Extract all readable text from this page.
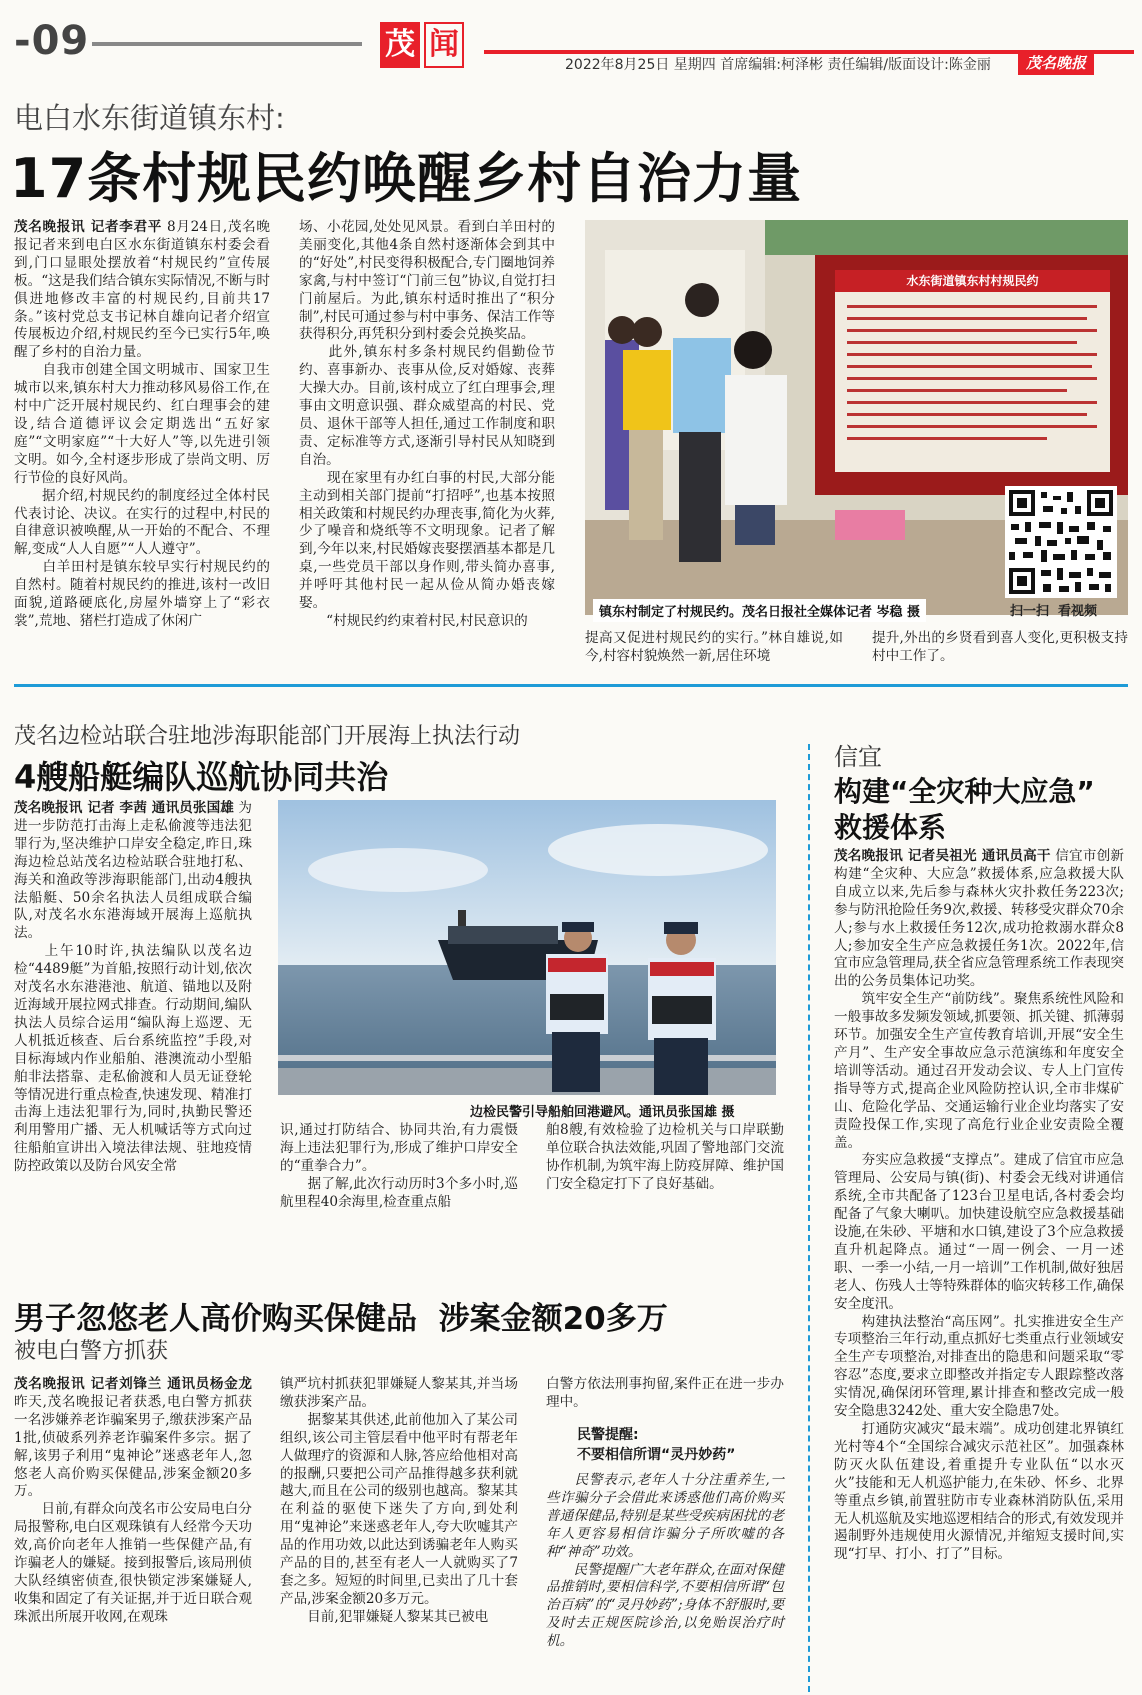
-09	茂 闻
2022年8月25日 星期四 首席编辑:柯泽彬 责任编辑/版面设计:陈金丽	茂名晚报
电白水东街道镇东村:
17条村规民约唤醒乡村自治力量
茂名晚报讯 记者李君平 8月24日,茂名晚报记者来到电白区水东街道镇东村委会看到,门口显眼处摆放着“村规民约”宣传展板。“这是我们结合镇东实际情况,不断与时俱进地修改丰富的村规民约,目前共17条。”该村党总支书记林自雄向记者介绍宣传展板边介绍,村规民约至今已实行5年,唤醒了乡村的自治力量。
　　自我市创建全国文明城市、国家卫生城市以来,镇东村大力推动移风易俗工作,在村中广泛开展村规民约、红白理事会的建设,结合道德评议会定期选出“五好家庭”“文明家庭”“十大好人”等,以先进引领文明。如今,全村逐步形成了崇尚文明、厉行节俭的良好风尚。
　　据介绍,村规民约的制度经过全体村民代表讨论、决议。在实行的过程中,村民的自律意识被唤醒,从一开始的不配合、不理解,变成“人人自愿”“人人遵守”。
　　白羊田村是镇东较早实行村规民约的自然村。随着村规民约的推进,该村一改旧面貌,道路硬底化,房屋外墙穿上了“彩衣裳”,荒地、猪栏打造成了休闲广
场、小花园,处处见风景。看到白羊田村的美丽变化,其他4条自然村逐渐体会到其中的“好处”,村民变得积极配合,专门圈地饲养家禽,与村中签订“门前三包”协议,自觉打扫门前屋后。为此,镇东村适时推出了“积分制”,村民可通过参与村中事务、保洁工作等获得积分,再凭积分到村委会兑换奖品。
　　此外,镇东村多条村规民约倡勤俭节约、喜事新办、丧事从俭,反对婚嫁、丧葬大操大办。目前,该村成立了红白理事会,理事由文明意识强、群众威望高的村民、党员、退休干部等人担任,通过工作制度和职责、定标准等方式,逐渐引导村民从知晓到自治。
　　现在家里有办红白事的村民,大部分能主动到相关部门提前“打招呼”,也基本按照相关政策和村规民约办理丧事,简化为火葬,少了噪音和烧纸等不文明现象。记者了解到,今年以来,村民婚嫁丧娶摆酒基本都是几桌,一些党员干部以身作则,带头简办喜事,并呼吁其他村民一起从俭从简办婚丧嫁娶。
　　“村规民约约束着村民,村民意识的
水东街道镇东村村规民约
镇东村制定了村规民约。茂名日报社全媒体记者 岑稳 摄	扫一扫  看视频
提高又促进村规民约的实行。”林自雄说,如今,村容村貌焕然一新,居住环境
提升,外出的乡贤看到喜人变化,更积极支持村中工作了。
茂名边检站联合驻地涉海职能部门开展海上执法行动
4艘船艇编队巡航协同共治
茂名晚报讯 记者 李茜 通讯员张国雄 为进一步防范打击海上走私偷渡等违法犯罪行为,坚决维护口岸安全稳定,昨日,珠海边检总站茂名边检站联合驻地打私、海关和渔政等涉海职能部门,出动4艘执法船艇、50余名执法人员组成联合编队,对茂名水东港海域开展海上巡航执法。
　　上午10时许,执法编队以茂名边检“4489艇”为首船,按照行动计划,依次对茂名水东港港池、航道、锚地以及附近海域开展拉网式排查。行动期间,编队执法人员综合运用“编队海上巡逻、无人机抵近核查、后台系统监控”手段,对目标海域内作业船舶、港澳流动小型船舶非法搭靠、走私偷渡和人员无证登轮等情况进行重点检查,快速发现、精准打击海上违法犯罪行为,同时,执勤民警还利用警用广播、无人机喊话等方式向过往船舶宣讲出入境法律法规、驻地疫情防控政策以及防台风安全常
边检民警引导船舶回港避风。通讯员张国雄 摄
识,通过打防结合、协同共治,有力震慑海上违法犯罪行为,形成了维护口岸安全的“重拳合力”。
　　据了解,此次行动历时3个多小时,巡航里程40余海里,检查重点船
舶8艘,有效检验了边检机关与口岸联勤单位联合执法效能,巩固了警地部门交流协作机制,为筑牢海上防疫屏障、维护国门安全稳定打下了良好基础。
男子忽悠老人高价购买保健品  涉案金额20多万
被电白警方抓获
茂名晚报讯 记者刘锋兰 通讯员杨金龙 昨天,茂名晚报记者获悉,电白警方抓获一名涉嫌养老诈骗案男子,缴获涉案产品1批,侦破系列养老诈骗案件多宗。据了解,该男子利用“鬼神论”迷惑老年人,忽悠老人高价购买保健品,涉案金额20多万。
　　日前,有群众向茂名市公安局电白分局报警称,电白区观珠镇有人经常今天功效,高价向老年人推销一些保健产品,有诈骗老人的嫌疑。接到报警后,该局刑侦大队经缜密侦查,很快锁定涉案嫌疑人,收集和固定了有关证据,并于近日联合观珠派出所展开收网,在观珠
镇严坑村抓获犯罪嫌疑人黎某其,并当场缴获涉案产品。
　　据黎某其供述,此前他加入了某公司组织,该公司主管层看中他平时有帮老年人做理疗的资源和人脉,答应给他相对高的报酬,只要把公司产品推得越多获利就越大,而且在公司的级别也越高。黎某其在利益的驱使下迷失了方向,到处利用“鬼神论”来迷惑老年人,夸大吹嘘其产品的作用功效,以此达到诱骗老年人购买产品的目的,甚至有老人一人就购买了7套之多。短短的时间里,已卖出了几十套产品,涉案金额20多万元。
　　目前,犯罪嫌疑人黎某其已被电
白警方依法刑事拘留,案件正在进一步办理中。
民警提醒:
不要相信所谓“灵丹妙药”
　　民警表示,老年人十分注重养生,一些诈骗分子会借此来诱惑他们高价购买普通保健品,特别是某些受疾病困扰的老年人更容易相信诈骗分子所吹嘘的各种“神奇”功效。
　　民警提醒广大老年群众,在面对保健品推销时,要相信科学,不要相信所谓“包治百病”的“灵丹妙药”;身体不舒服时,要及时去正规医院诊治,以免贻误治疗时机。
信宜
构建“全灾种大应急”
救援体系
茂名晚报讯 记者吴祖光 通讯员高干 信宜市创新构建“全灾种、大应急”救援体系,应急救援大队自成立以来,先后参与森林火灾扑救任务223次;参与防汛抢险任务9次,救援、转移受灾群众70余人;参与水上救援任务12次,成功抢救溺水群众8人;参加安全生产应急救援任务1次。2022年,信宜市应急管理局,获全省应急管理系统工作表现突出的公务员集体记功奖。
　　筑牢安全生产“前防线”。聚焦系统性风险和一般事故多发频发领域,抓要领、抓关键、抓薄弱环节。加强安全生产宣传教育培训,开展“安全生产月”、生产安全事故应急示范演练和年度安全培训等活动。通过召开发动会议、专人上门宣传指导等方式,提高企业风险防控认识,全市非煤矿山、危险化学品、交通运输行业企业均落实了安责险投保工作,实现了高危行业企业安责险全覆盖。
　　夯实应急救援“支撑点”。建成了信宜市应急管理局、公安局与镇(街)、村委会无线对讲通信系统,全市共配备了123台卫星电话,各村委会均配备了气象大喇叭。加快建设航空应急救援基础设施,在朱砂、平塘和水口镇,建设了3个应急救援直升机起降点。通过“一周一例会、一月一述职、一季一小结,一月一培训”工作机制,做好独居老人、伤残人士等特殊群体的临灾转移工作,确保安全度汛。
　　构建执法整治“高压网”。扎实推进安全生产专项整治三年行动,重点抓好七类重点行业领域安全生产专项整治,对排查出的隐患和问题采取“零容忍”态度,要求立即整改并指定专人跟踪整改落实情况,确保闭环管理,累计排查和整改完成一般安全隐患3242处、重大安全隐患7处。
　　打通防灾减灾“最末端”。成功创建北界镇红光村等4个“全国综合减灾示范社区”。加强森林防灭火队伍建设,着重提升专业队伍“以水灭火”技能和无人机巡护能力,在朱砂、怀乡、北界等重点乡镇,前置驻防市专业森林消防队伍,采用无人机巡航及实地巡逻相结合的形式,有效发现并遏制野外违规使用火源情况,并缩短支援时间,实现“打早、打小、打了”目标。
